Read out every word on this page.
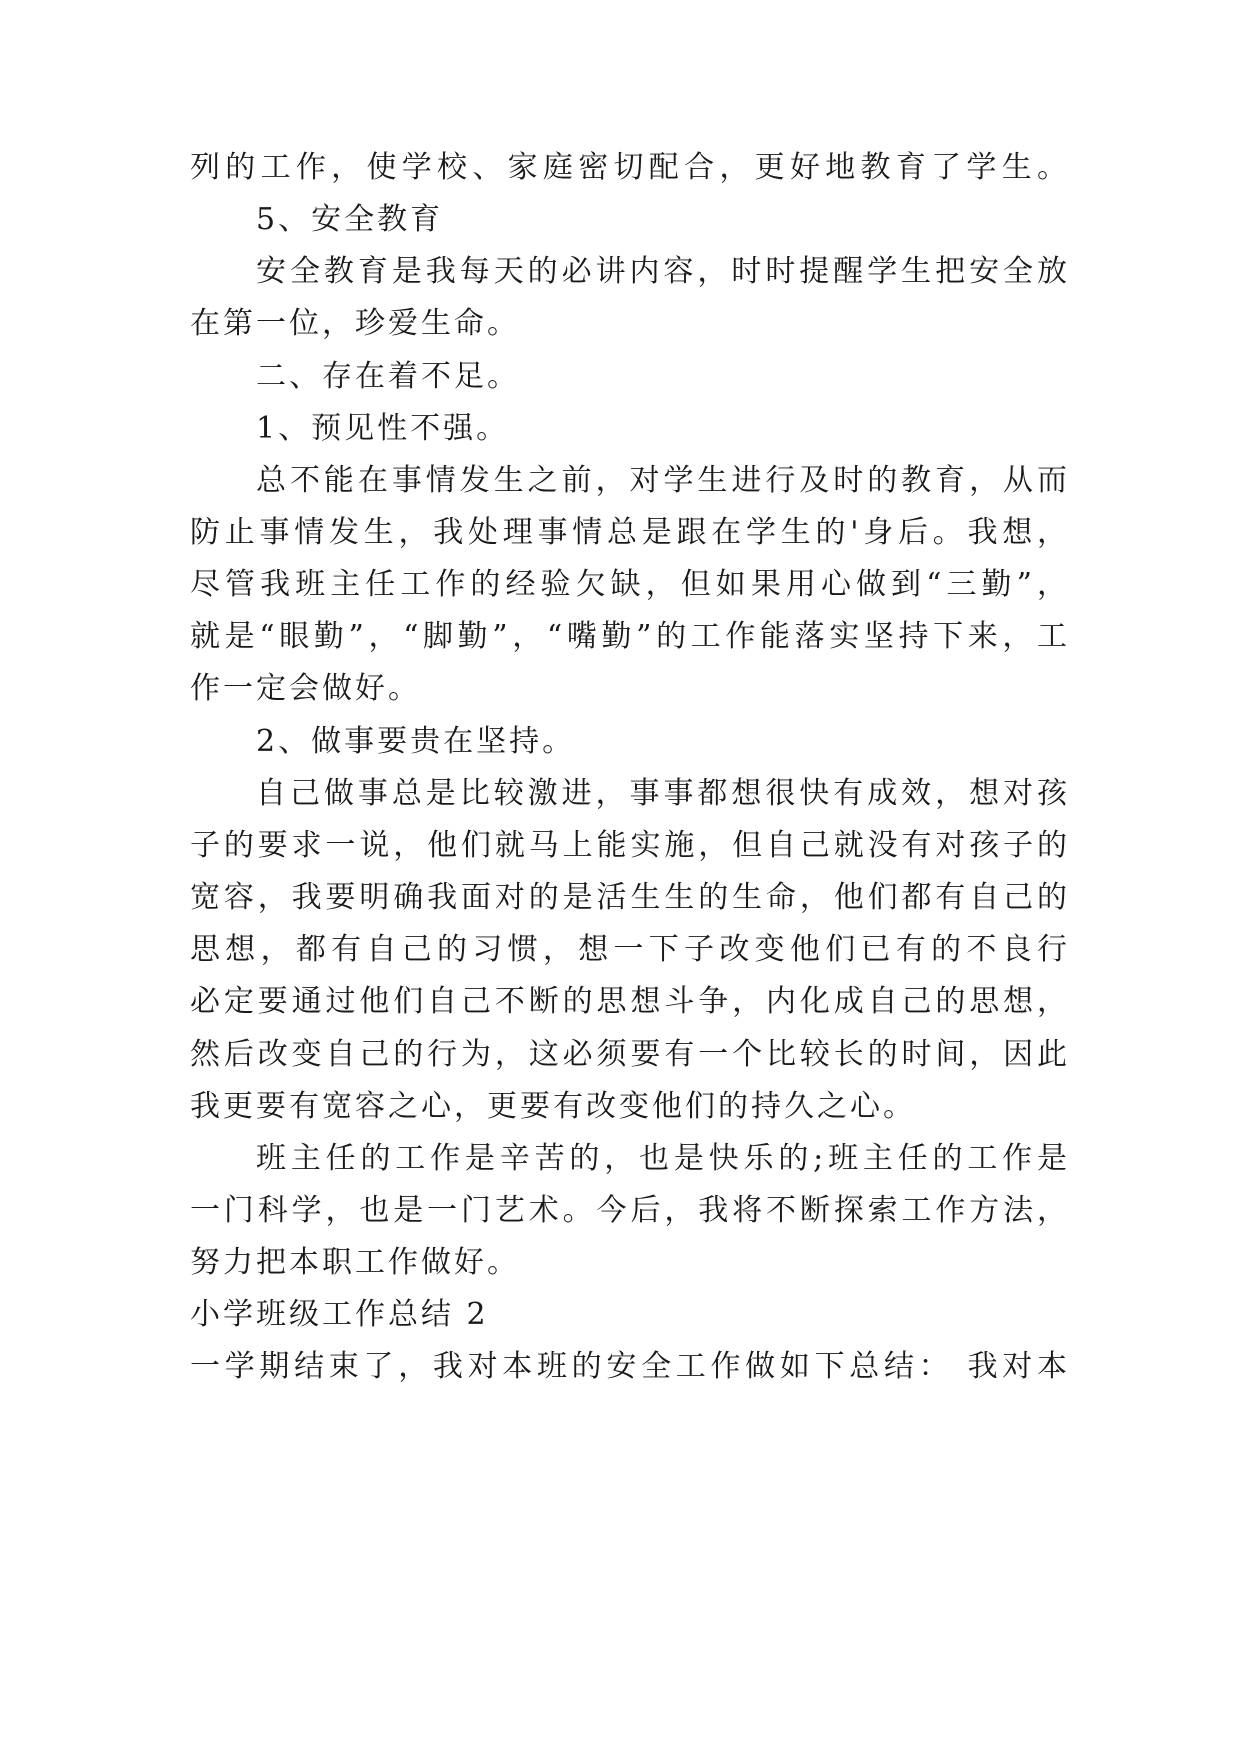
列的工作，使学校、家庭密切配合，更好地教育了学生。
5、安全教育
安全教育是我每天的必讲内容，时时提醒学生把安全放
在第一位，珍爱生命。
二、存在着不足。
1、预见性不强。
总不能在事情发生之前，对学生进行及时的教育，从而
防止事情发生，我处理事情总是跟在学生的'身后。我想，
尽管我班主任工作的经验欠缺，但如果用心做到“三勤”，
就是“眼勤”，“脚勤”，“嘴勤”的工作能落实坚持下来，工
作一定会做好。
2、做事要贵在坚持。
自己做事总是比较激进，事事都想很快有成效，想对孩
子的要求一说，他们就马上能实施，但自己就没有对孩子的
宽容，我要明确我面对的是活生生的生命，他们都有自己的
思想，都有自己的习惯，想一下子改变他们已有的不良行
必定要通过他们自己不断的思想斗争，内化成自己的思想，
然后改变自己的行为，这必须要有一个比较长的时间，因此
我更要有宽容之心，更要有改变他们的持久之心。
班主任的工作是辛苦的，也是快乐的;班主任的工作是
一门科学，也是一门艺术。今后，我将不断探索工作方法，
努力把本职工作做好。
小学班级工作总结 2
一学期结束了，我对本班的安全工作做如下总结： 我对本
